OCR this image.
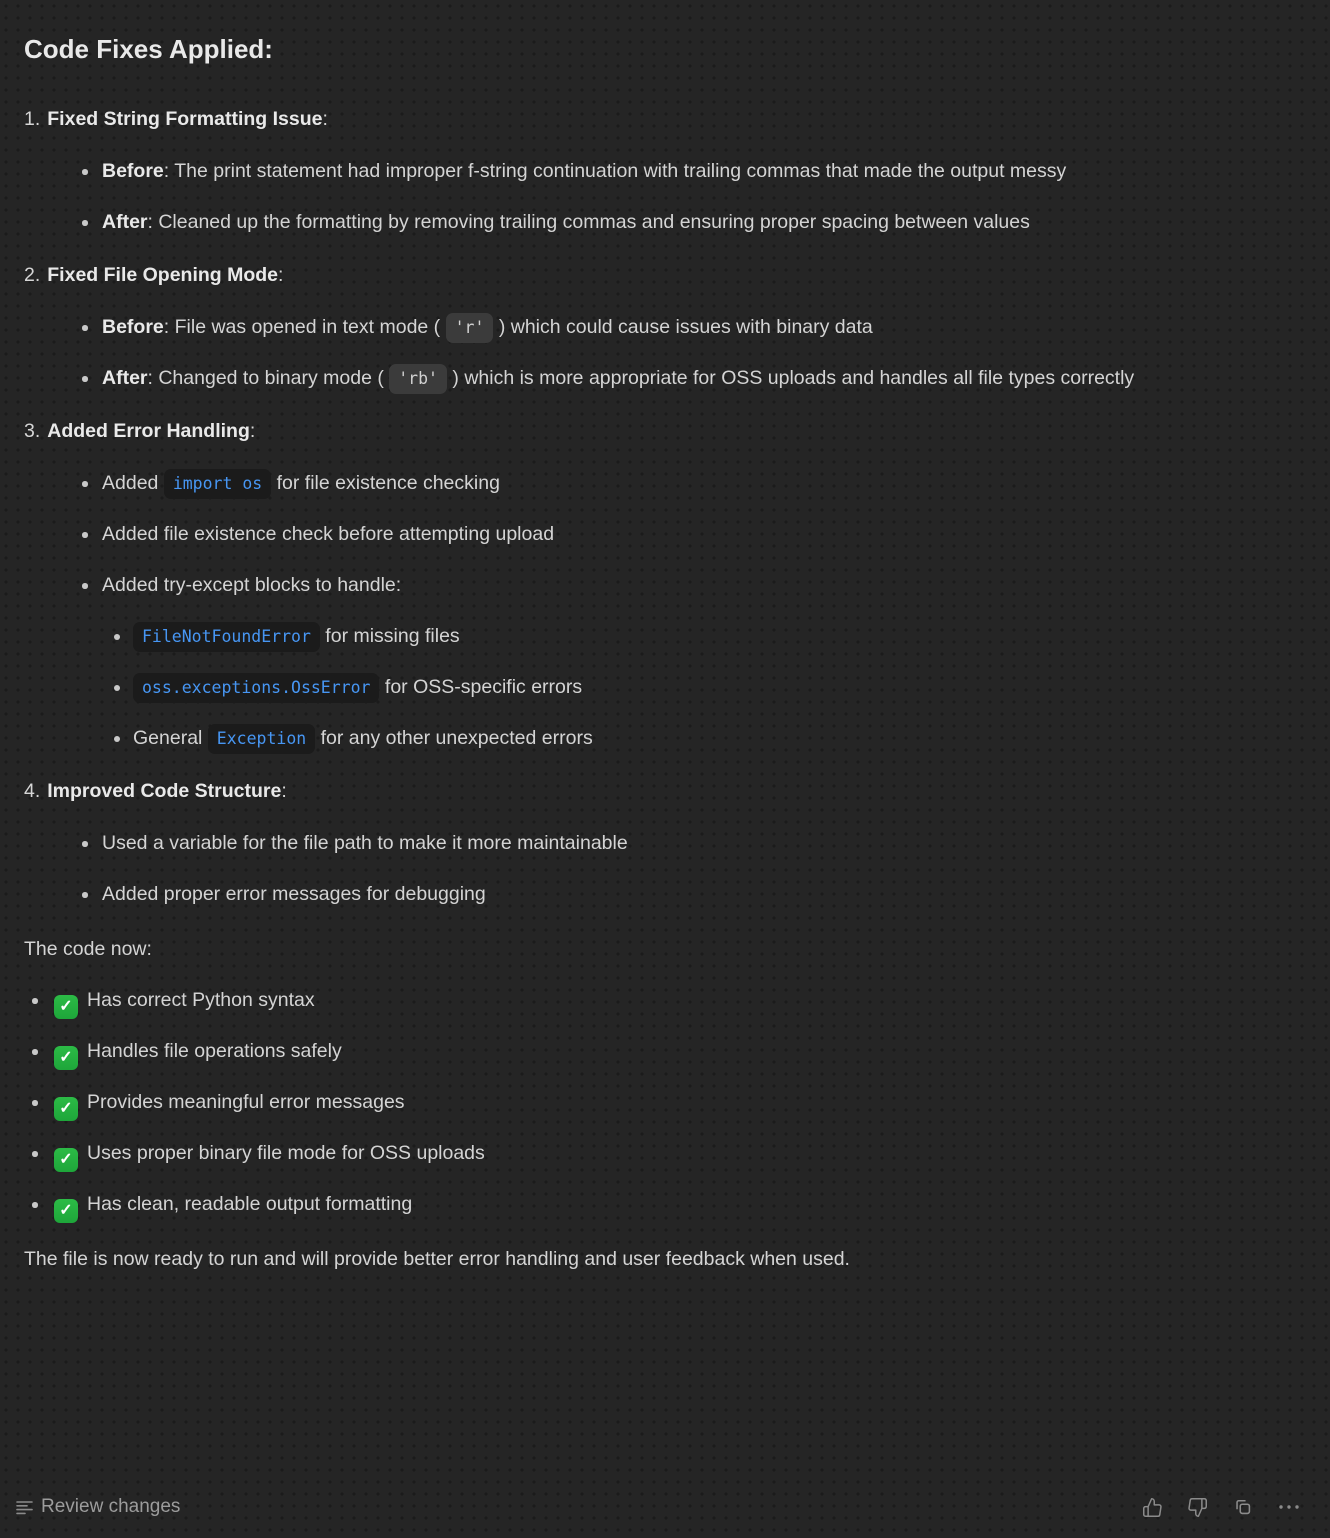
Code Fixes Applied:
1. Fixed String Formatting Issue:
Before: The print statement had improper f-string continuation with trailing commas that made the output messy
After: Cleaned up the formatting by removing trailing commas and ensuring proper spacing between values
2. Fixed File Opening Mode:
Before: File was opened in text mode ( 'r' ) which could cause issues with binary data
After: Changed to binary mode ( 'rb' ) which is more appropriate for OSS uploads and handles all file types correctly
3. Added Error Handling:
Added import os for file existence checking
Added file existence check before attempting upload
Added try-except blocks to handle:
FileNotFoundError for missing files
oss.exceptions.OssError for OSS-specific errors
General Exception for any other unexpected errors
4. Improved Code Structure:
Used a variable for the file path to make it more maintainable
Added proper error messages for debugging

The code now:

✓ Has correct Python syntax
✓ Handles file operations safely
✓ Provides meaningful error messages
✓ Uses proper binary file mode for OSS uploads
✓ Has clean, readable output formatting

The file is now ready to run and will provide better error handling and user feedback when used.

Review changes
